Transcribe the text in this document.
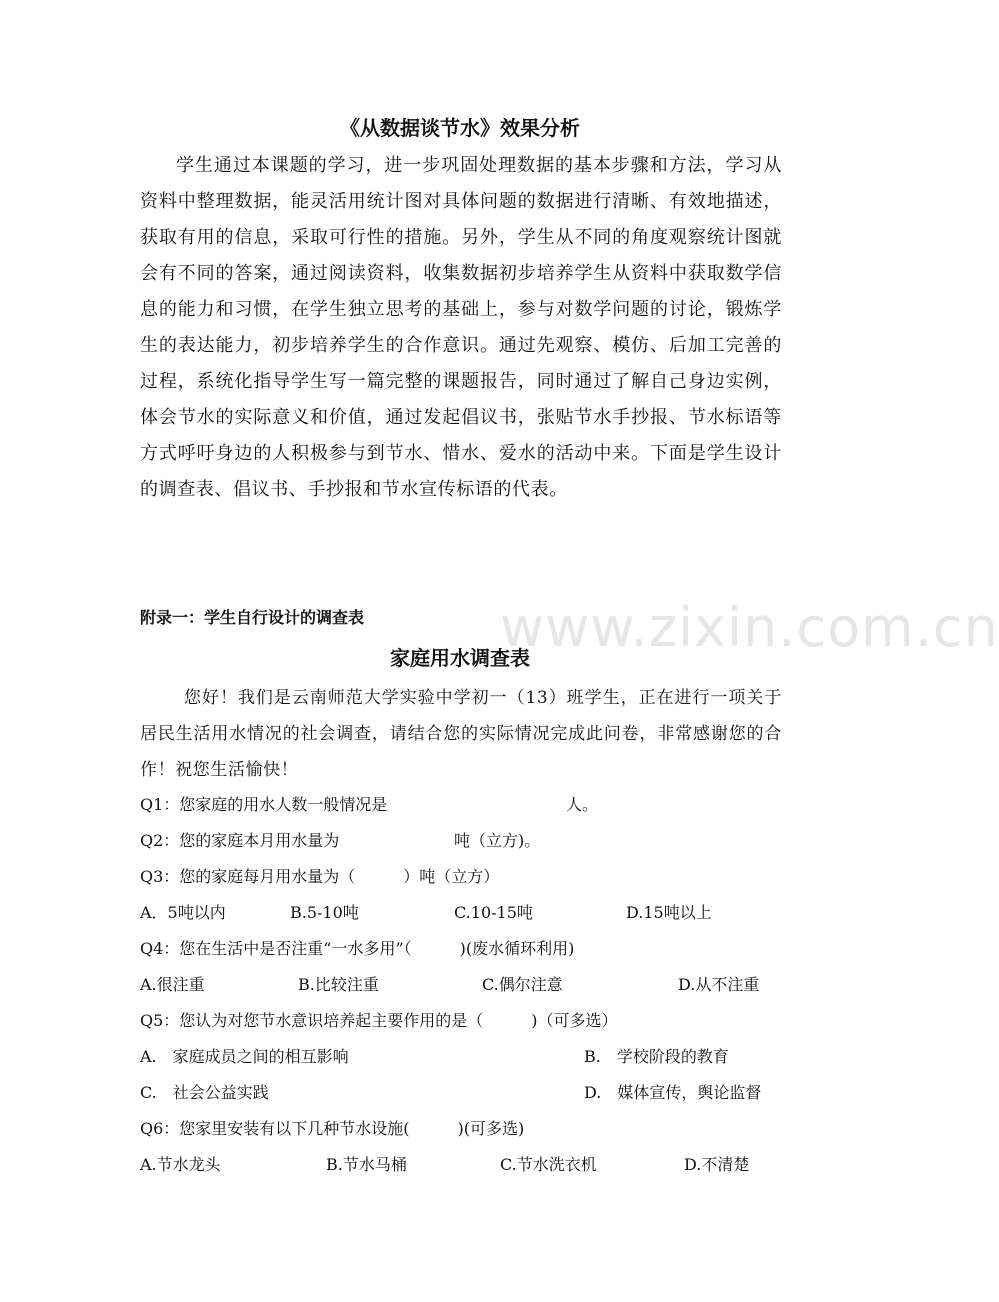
《从数据谈节水》效果分析
学生通过本课题的学习，进一步巩固处理数据的基本步骤和方法，学习从资料中整理数据，能灵活用统计图对具体问题的数据进行清晰、有效地描述，获取有用的信息，采取可行性的措施。另外，学生从不同的角度观察统计图就会有不同的答案，通过阅读资料，收集数据初步培养学生从资料中获取数学信息的能力和习惯，在学生独立思考的基础上，参与对数学问题的讨论，锻炼学生的表达能力，初步培养学生的合作意识。通过先观察、模仿、后加工完善的过程，系统化指导学生写一篇完整的课题报告，同时通过了解自己身边实例，体会节水的实际意义和价值，通过发起倡议书，张贴节水手抄报、节水标语等方式呼吁身边的人积极参与到节水、惜水、爱水的活动中来。下面是学生设计的调查表、倡议书、手抄报和节水宣传标语的代表。
www.zixin.com.cn
附录一：学生自行设计的调查表
家庭用水调查表
您好！我们是云南师范大学实验中学初一（13）班学生，正在进行一项关于居民生活用水情况的社会调查，请结合您的实际情况完成此问卷，非常感谢您的合作！祝您生活愉快！
Q1：您家庭的用水人数一般情况是	人。
Q2：您的家庭本月用水量为	吨（立方)。
Q3：您的家庭每月用水量为（　　　）吨（立方）
A．5吨以内	B.5-10吨	C.10-15吨	D.15吨以上
Q4：您在生活中是否注重“一水多用”（　　　)(废水循环利用)
A.很注重	B.比较注重	C.偶尔注意	D.从不注重
Q5：您认为对您节水意识培养起主要作用的是（　　　)（可多选）
A.　家庭成员之间的相互影响	B.　学校阶段的教育
C.　社会公益实践	D.　媒体宣传，舆论监督
Q6：您家里安装有以下几种节水设施(　　　)(可多选)
A.节水龙头	B.节水马桶	C.节水洗衣机	D.不清楚
